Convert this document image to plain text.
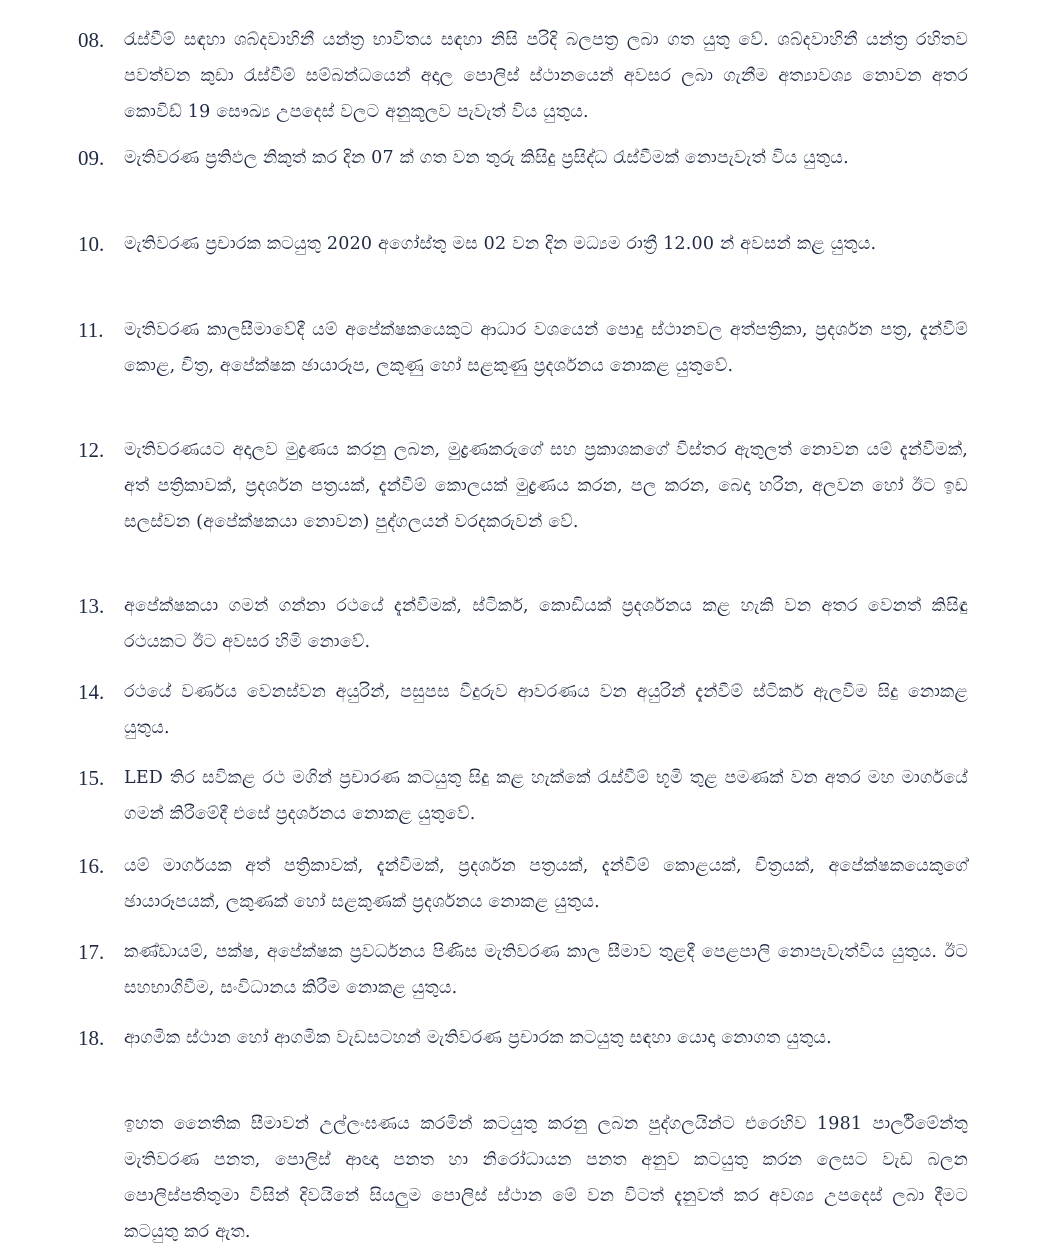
08.	රැස්වීම් සඳහා ශබ්දවාහිනී යන්ත්‍ර භාවිතය සඳහා නිසි පරිදි බලපත්‍ර ලබා ගත යුතු වේ. ශබ්දවාහිනී යන්ත්‍ර රහිතව පවත්වන කුඩා රැස්වීම් සම්බන්ධයෙන් අදාල පොලිස් ස්ථානයෙන් අවසර ලබා ගැනීම අත්‍යාවශ්‍ය නොවන අතර කොවිඩ් 19 සෞඛ්‍ය උපදෙස් වලට අනුකූලව පැවැත් විය යුතුය.
09.	මැතිවරණ ප්‍රතිඵල නිකුත් කර දින 07 ක් ගත වන තුරු කිසිදු ප්‍රසිද්ධ රැස්වීමක් නොපැවැත් විය යුතුය.
10.	මැතිවරණ ප්‍රචාරක කටයුතු 2020 අගෝස්තු මස 02 වන දින මධ්‍යම රාත්‍රී 12.00 න් අවසන් කළ යුතුය.
11.	මැතිවරණ කාලසීමාවේදී යම් අපේක්ෂකයෙකුට ආධාර වශයෙන් පොදු ස්ථානවල අත්පත්‍රිකා, ප්‍රදර්ශන පත්‍ර, දැන්වීම් කොළ, චිත්‍ර, අපේක්ෂක ඡායාරූප, ලකුණු හෝ සළකුණු ප්‍රදර්ශනය නොකළ යුතුවේ.
12.	මැතිවරණයට අදාලව මුද්‍රණය කරනු ලබන, මුද්‍රණකරුගේ සහ ප්‍රකාශකගේ විස්තර ඇතුලත් නොවන යම් දැන්වීමක්, අත් පත්‍රිකාවක්, ප්‍රදර්ශන පත්‍රයක්, දැන්වීම් කොලයක් මුද්‍රණය කරන, පල කරන, බෙදා හරින, අලවන හෝ ඊට ඉඩ සලස්වන (අපේක්ෂකයා නොවන) පුද්ගලයන් වරදකරුවන් වේ.
13.	අපේක්ෂකයා ගමන් ගන්නා රථයේ දැන්වීමක්, ස්ටිකර්, කොඩියක් ප්‍රදර්ශනය කළ හැකි වන අතර වෙනත් කිසිඳු රථයකට ඊට අවසර හිමි නොවේ.
14.	රථයේ වර්ණය වෙනස්වන අයුරින්, පසුපස වීදුරුව ආවරණය වන අයුරින් දැන්වීම් ස්ටිකර් ඇලවීම සිදු නොකළ යුතුය.
15.	LED තිර සවිකළ රථ මගින් ප්‍රචාරණ කටයුතු සිදු කළ හැක්කේ රැස්වීම් භූමි තුළ පමණක් වන අතර මහ මාර්ගයේ ගමන් කිරීමේදී එසේ ප්‍රදර්ශනය නොකළ යුතුවේ.
16.	යම් මාර්ගයක අත් පත්‍රිකාවක්, දැන්වීමක්, ප්‍රදර්ශන පත්‍රයක්, දැන්වීම් කොළයක්, චිත්‍රයක්, අපේක්ෂකයෙකුගේ ඡායාරූපයක්, ලකුණක් හෝ සළකුණක් ප්‍රදර්ශනය නොකළ යුතුය.
17.	කණ්ඩායම්, පක්ෂ, අපේක්ෂක ප්‍රවර්ධනය පිණිස මැතිවරණ කාල සීමාව තුළදී පෙළපාලි නොපැවැත්විය යුතුය. ඊට සහභාගිවීම, සංවිධානය කිරීම නොකළ යුතුය.
18.	ආගමික ස්ථාන හෝ ආගමික වැඩසටහන් මැතිවරණ ප්‍රචාරක කටයුතු සඳහා යොදා නොගත යුතුය.
ඉහත නෛතික සීමාවන් උල්ලංඝණය කරමින් කටයුතු කරනු ලබන පුද්ගලයින්ට එරෙහිව 1981 පාර්ලිමේන්තු මැතිවරණ පනත, පොලිස් ආඥා පනත හා නිරෝධායන පනත අනුව කටයුතු කරන ලෙසට වැඩ බලන පොලිස්පතිතුමා විසින් දිවයිනේ සියලුම පොලිස් ස්ථාන මේ වන විටත් දැනුවත් කර අවශ්‍ය උපදෙස් ලබා දීමට කටයුතු කර ඇත.
